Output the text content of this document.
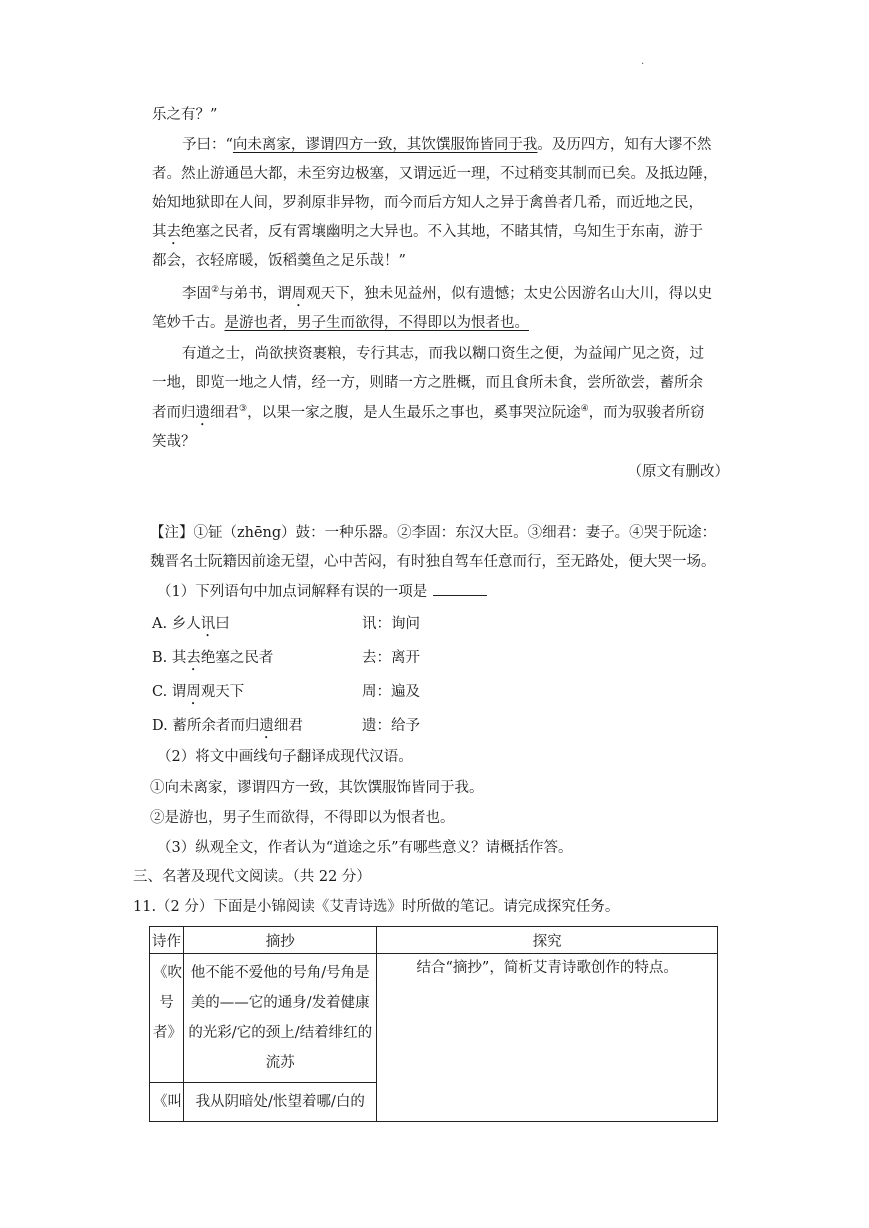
.
乐之有？”
予曰：“向未离家，谬谓四方一致，其饮馔服饰皆同于我。及历四方，知有大谬不然
者。然止游通邑大都，未至穷边极塞，又谓远近一理，不过稍变其制而已矣。及抵边陲，
始知地狱即在人间，罗刹原非异物，而今而后方知人之异于禽兽者几希，而近地之民，
其去绝塞之民者，反有霄壤幽明之大异也。不入其地，不睹其情，乌知生于东南，游于
都会，衣轻席暖，饭稻羹鱼之足乐哉！”
李固②与弟书，谓周观天下，独未见益州，似有遗憾；太史公因游名山大川，得以史
笔妙千古。是游也者，男子生而欲得，不得即以为恨者也。
有道之士，尚欲挟资裹粮，专行其志，而我以糊口资生之便，为益闻广见之资，过
一地，即览一地之人情，经一方，则睹一方之胜概，而且食所未食，尝所欲尝，蓄所余
者而归遗细君③，以果一家之腹，是人生最乐之事也，奚事哭泣阮途④，而为驭骏者所窃
笑哉？
（原文有删改）
【注】①钲（zhēng）鼓：一种乐器。②李固：东汉大臣。③细君：妻子。④哭于阮途：
魏晋名士阮籍因前途无望，心中苦闷，有时独自驾车任意而行，至无路处，便大哭一场。
（1）下列语句中加点词解释有误的一项是
A. 乡人讯曰	讯：询问
B. 其去绝塞之民者	去：离开
C. 谓周观天下	周：遍及
D. 蓄所余者而归遗细君	遗：给予
（2）将文中画线句子翻译成现代汉语。
①向未离家，谬谓四方一致，其饮馔服饰皆同于我。
②是游也，男子生而欲得，不得即以为恨者也。
（3）纵观全文，作者认为“道途之乐”有哪些意义？请概括作答。
三、名著及现代文阅读。（共 22 分）
11.（2 分）下面是小锦阅读《艾青诗选》时所做的笔记。请完成探究任务。
诗作	摘抄	探究
《吹号者》	他不能不爱他的号角/号角是美的——它的通身/发着健康的光彩/它的颈上/结着绯红的流苏	结合“摘抄”，简析艾青诗歌创作的特点。
《叫	我从阴暗处/怅望着哪/白的	
